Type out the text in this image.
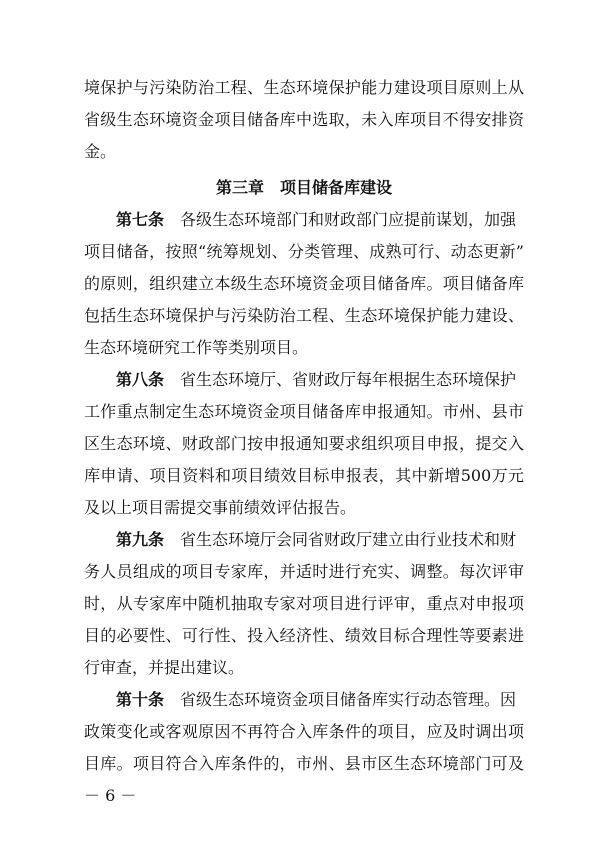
境保护与污染防治工程、生态环境保护能力建设项目原则上从
省级生态环境资金项目储备库中选取，未入库项目不得安排资
金。
第三章　项目储备库建设
第七条　各级生态环境部门和财政部门应提前谋划，加强
项目储备，按照“统筹规划、分类管理、成熟可行、动态更新”
的原则，组织建立本级生态环境资金项目储备库。项目储备库
包括生态环境保护与污染防治工程、生态环境保护能力建设、
生态环境研究工作等类别项目。
第八条　省生态环境厅、省财政厅每年根据生态环境保护
工作重点制定生态环境资金项目储备库申报通知。市州、县市
区生态环境、财政部门按申报通知要求组织项目申报，提交入
库申请、项目资料和项目绩效目标申报表，其中新增500万元
及以上项目需提交事前绩效评估报告。
第九条　省生态环境厅会同省财政厅建立由行业技术和财
务人员组成的项目专家库，并适时进行充实、调整。每次评审
时，从专家库中随机抽取专家对项目进行评审，重点对申报项
目的必要性、可行性、投入经济性、绩效目标合理性等要素进
行审查，并提出建议。
第十条　省级生态环境资金项目储备库实行动态管理。因
政策变化或客观原因不再符合入库条件的项目，应及时调出项
目库。项目符合入库条件的，市州、县市区生态环境部门可及
－ 6 －
